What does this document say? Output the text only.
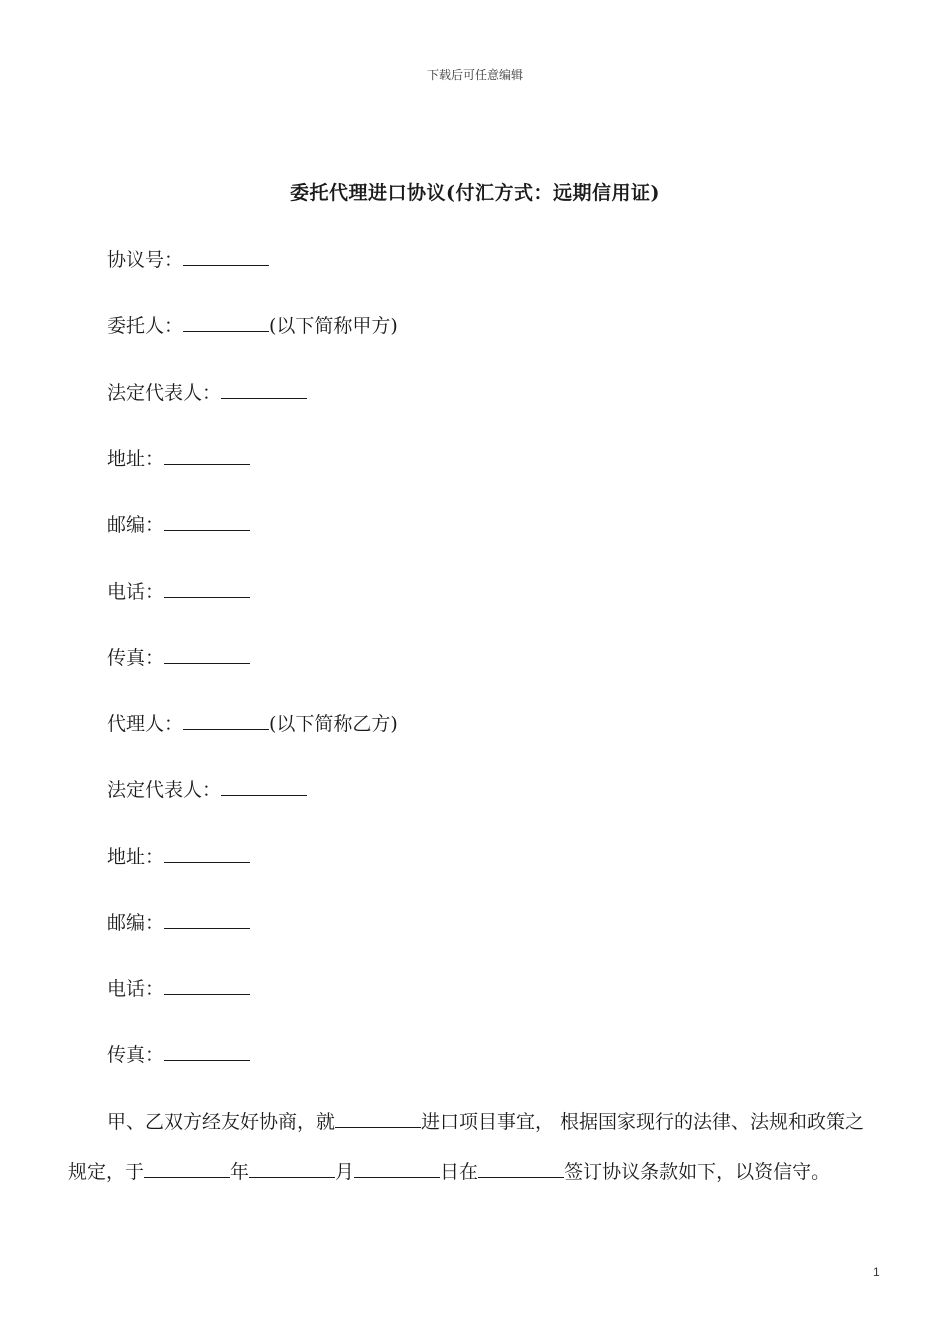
下载后可任意编辑
委托代理进口协议(付汇方式：远期信用证)
协议号：
委托人：	(以下简称甲方)
法定代表人：
地址：
邮编：
电话：
传真：
代理人：	(以下简称乙方)
法定代表人：
地址：
邮编：
电话：
传真：
甲、乙双方经友好协商，就	进口项目事宜， 根据国家现行的法律、法规和政策之
规定，于	年	月	日在	签订协议条款如下，以资信守。
1
